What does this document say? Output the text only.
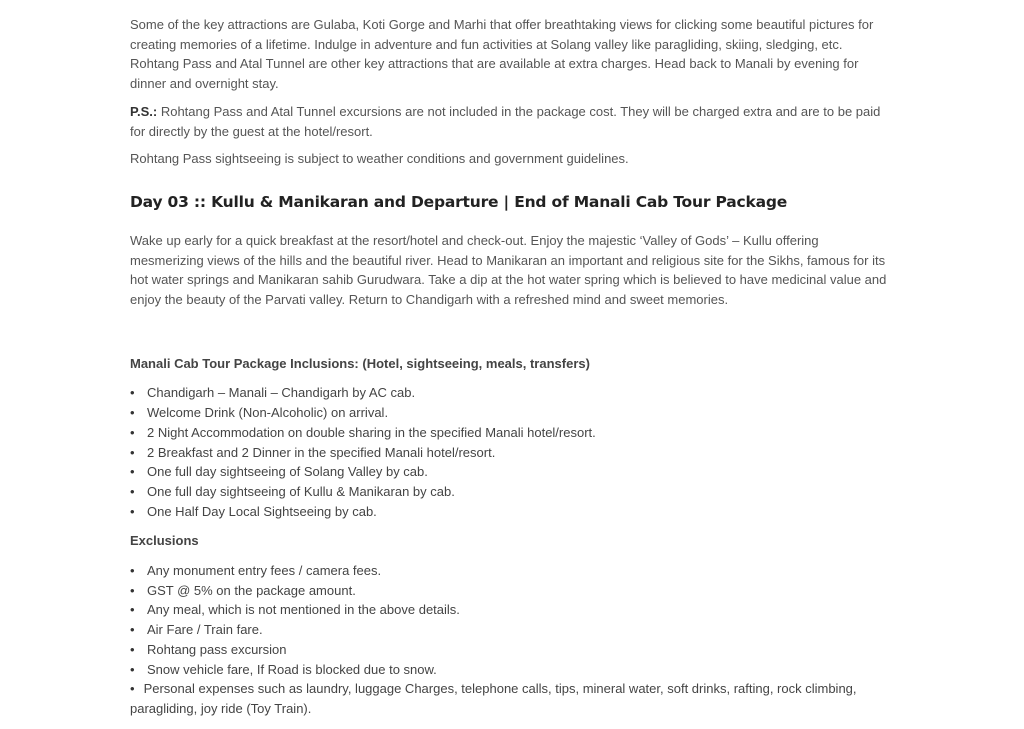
Some of the key attractions are Gulaba, Koti Gorge and Marhi that offer breathtaking views for clicking some beautiful pictures for creating memories of a lifetime. Indulge in adventure and fun activities at Solang valley like paragliding, skiing, sledging, etc. Rohtang Pass and Atal Tunnel are other key attractions that are available at extra charges. Head back to Manali by evening for dinner and overnight stay.

P.S.: Rohtang Pass and Atal Tunnel excursions are not included in the package cost. They will be charged extra and are to be paid for directly by the guest at the hotel/resort.

Rohtang Pass sightseeing is subject to weather conditions and government guidelines.

Day 03 :: Kullu & Manikaran and Departure | End of Manali Cab Tour Package

Wake up early for a quick breakfast at the resort/hotel and check-out. Enjoy the majestic ‘Valley of Gods’ – Kullu offering mesmerizing views of the hills and the beautiful river. Head to Manikaran an important and religious site for the Sikhs, famous for its hot water springs and Manikaran sahib Gurudwara. Take a dip at the hot water spring which is believed to have medicinal value and enjoy the beauty of the Parvati valley. Return to Chandigarh with a refreshed mind and sweet memories.

Manali Cab Tour Package Inclusions: (Hotel, sightseeing, meals, transfers)
• Chandigarh – Manali – Chandigarh by AC cab.
• Welcome Drink (Non-Alcoholic) on arrival.
• 2 Night Accommodation on double sharing in the specified Manali hotel/resort.
• 2 Breakfast and 2 Dinner in the specified Manali hotel/resort.
• One full day sightseeing of Solang Valley by cab.
• One full day sightseeing of Kullu & Manikaran by cab.
• One Half Day Local Sightseeing by cab.
Exclusions
• Any monument entry fees / camera fees.
• GST @ 5% on the package amount.
• Any meal, which is not mentioned in the above details.
• Air Fare / Train fare.
• Rohtang pass excursion
• Snow vehicle fare, If Road is blocked due to snow.
• Personal expenses such as laundry, luggage Charges, telephone calls, tips, mineral water, soft drinks, rafting, rock climbing, paragliding, joy ride (Toy Train).
